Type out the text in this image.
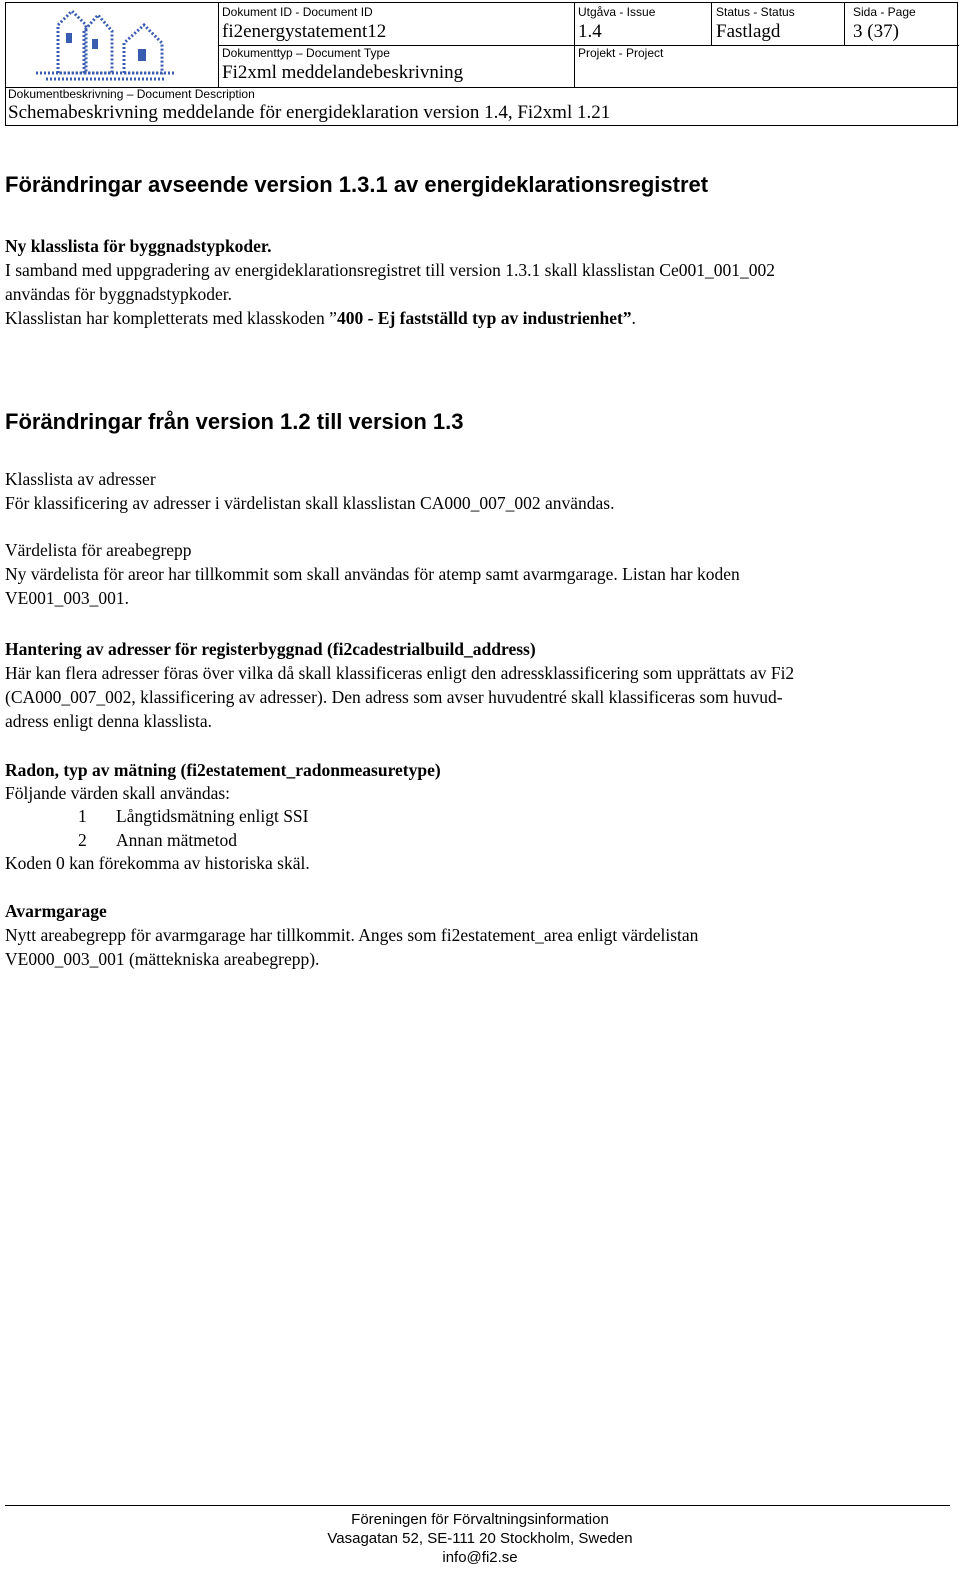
Dokument ID - Document ID
fi2energystatement12
Utgåva - Issue
1.4
Status - Status
Fastlagd
Sida - Page
3 (37)
Dokumenttyp – Document Type
Fi2xml meddelandebeskrivning
Projekt - Project
Dokumentbeskrivning – Document Description
Schemabeskrivning meddelande för energideklaration version 1.4, Fi2xml 1.21
Förändringar avseende version 1.3.1 av energideklarationsregistret
Ny klasslista för byggnadstypkoder.
I samband med uppgradering av energideklarationsregistret till version 1.3.1 skall klasslistan Ce001_001_002
användas för byggnadstypkoder.
Klasslistan har kompletterats med klasskoden ”400 - Ej fastställd typ av industrienhet”.
Förändringar från version 1.2 till version 1.3
Klasslista av adresser
För klassificering av adresser i värdelistan skall klasslistan CA000_007_002 användas.
Värdelista för areabegrepp
Ny värdelista för areor har tillkommit som skall användas för atemp samt avarmgarage. Listan har koden
VE001_003_001.
Hantering av adresser för registerbyggnad (fi2cadestrialbuild_address)
Här kan flera adresser föras över vilka då skall klassificeras enligt den adressklassificering som upprättats av Fi2
(CA000_007_002, klassificering av adresser). Den adress som avser huvudentré skall klassificeras som huvud-
adress enligt denna klasslista.
Radon, typ av mätning (fi2estatement_radonmeasuretype)
Följande värden skall användas:
1 Långtidsmätning enligt SSI
2 Annan mätmetod
Koden 0 kan förekomma av historiska skäl.
Avarmgarage
Nytt areabegrepp för avarmgarage har tillkommit. Anges som fi2estatement_area enligt värdelistan
VE000_003_001 (mättekniska areabegrepp).
Föreningen för Förvaltningsinformation
Vasagatan 52, SE-111 20 Stockholm, Sweden
info@fi2.se
